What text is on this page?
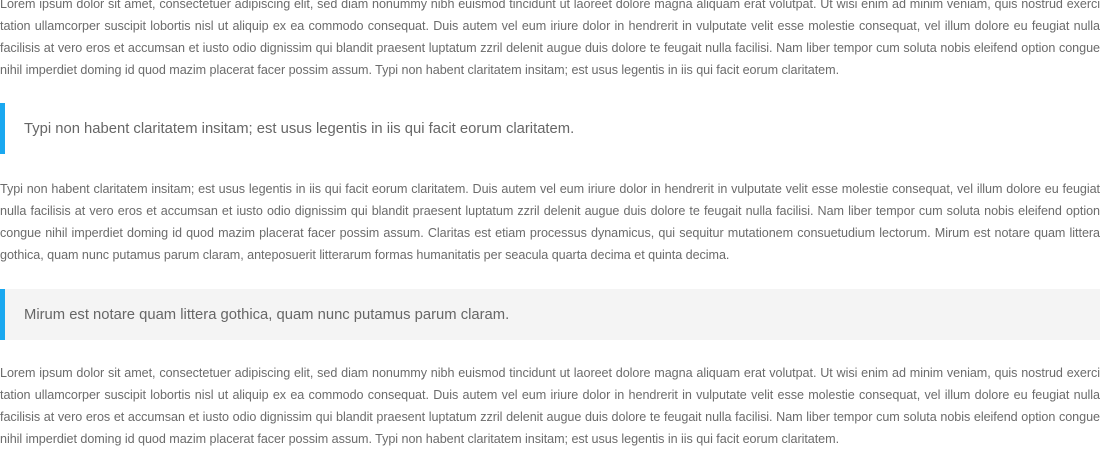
Lorem ipsum dolor sit amet, consectetuer adipiscing elit, sed diam nonummy nibh euismod tincidunt ut laoreet dolore magna aliquam erat volutpat. Ut wisi enim ad minim veniam, quis nostrud exerci tation ullamcorper suscipit lobortis nisl ut aliquip ex ea commodo consequat. Duis autem vel eum iriure dolor in hendrerit in vulputate velit esse molestie consequat, vel illum dolore eu feugiat nulla facilisis at vero eros et accumsan et iusto odio dignissim qui blandit praesent luptatum zzril delenit augue duis dolore te feugait nulla facilisi. Nam liber tempor cum soluta nobis eleifend option congue nihil imperdiet doming id quod mazim placerat facer possim assum. Typi non habent claritatem insitam; est usus legentis in iis qui facit eorum claritatem.

Typi non habent claritatem insitam; est usus legentis in iis qui facit eorum claritatem.

Typi non habent claritatem insitam; est usus legentis in iis qui facit eorum claritatem. Duis autem vel eum iriure dolor in hendrerit in vulputate velit esse molestie consequat, vel illum dolore eu feugiat nulla facilisis at vero eros et accumsan et iusto odio dignissim qui blandit praesent luptatum zzril delenit augue duis dolore te feugait nulla facilisi. Nam liber tempor cum soluta nobis eleifend option congue nihil imperdiet doming id quod mazim placerat facer possim assum. Claritas est etiam processus dynamicus, qui sequitur mutationem consuetudium lectorum. Mirum est notare quam littera gothica, quam nunc putamus parum claram, anteposuerit litterarum formas humanitatis per seacula quarta decima et quinta decima.

Mirum est notare quam littera gothica, quam nunc putamus parum claram.

Lorem ipsum dolor sit amet, consectetuer adipiscing elit, sed diam nonummy nibh euismod tincidunt ut laoreet dolore magna aliquam erat volutpat. Ut wisi enim ad minim veniam, quis nostrud exerci tation ullamcorper suscipit lobortis nisl ut aliquip ex ea commodo consequat. Duis autem vel eum iriure dolor in hendrerit in vulputate velit esse molestie consequat, vel illum dolore eu feugiat nulla facilisis at vero eros et accumsan et iusto odio dignissim qui blandit praesent luptatum zzril delenit augue duis dolore te feugait nulla facilisi. Nam liber tempor cum soluta nobis eleifend option congue nihil imperdiet doming id quod mazim placerat facer possim assum. Typi non habent claritatem insitam; est usus legentis in iis qui facit eorum claritatem.
